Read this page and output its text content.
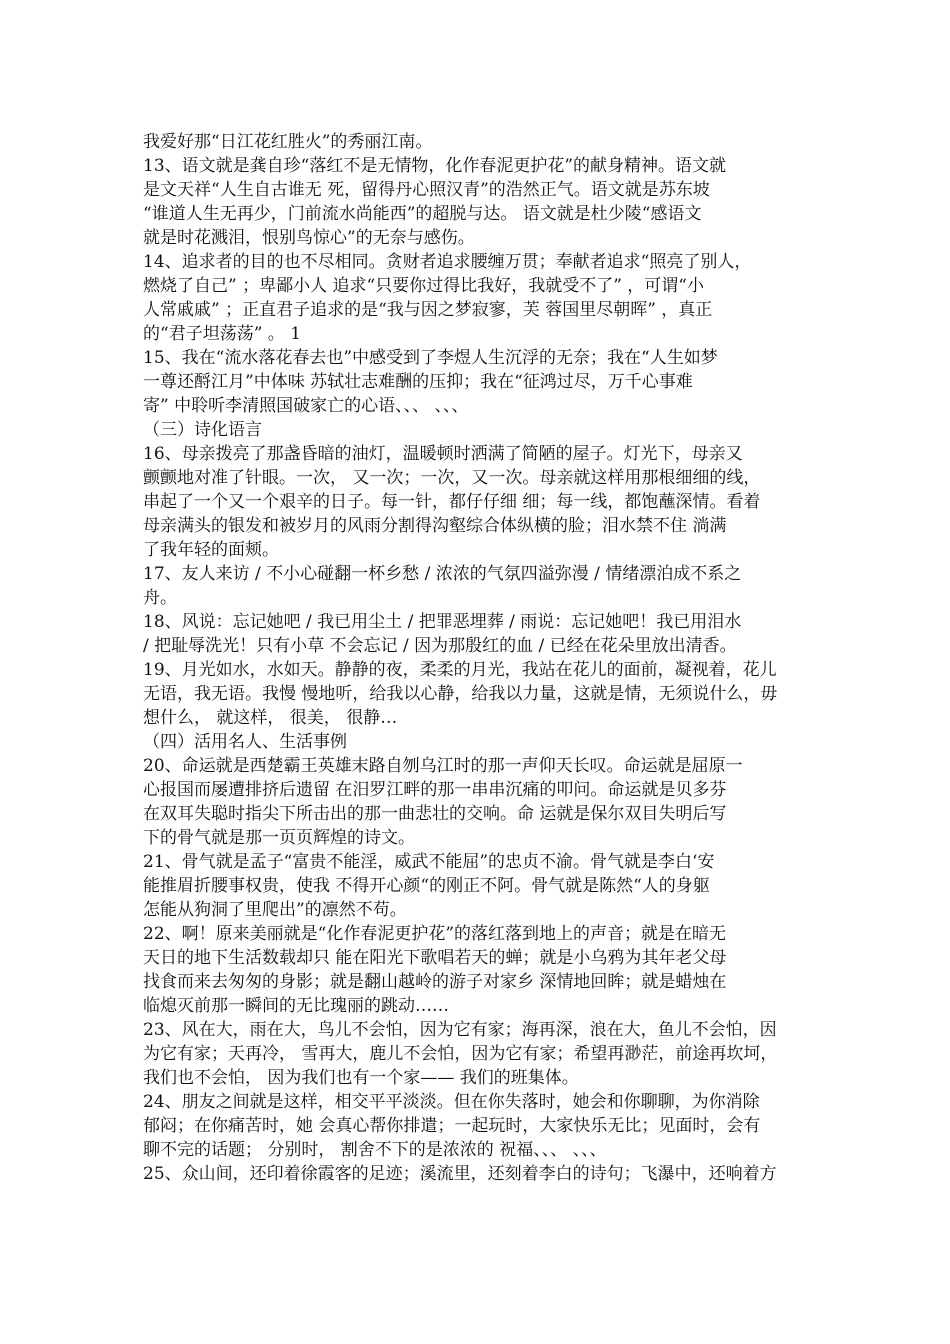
我爱好那“日江花红胜火”的秀丽江南。
13、语文就是龚自珍“落红不是无情物，化作春泥更护花”的献身精神。语文就
是文天祥“人生自古谁无 死，留得丹心照汉青”的浩然正气。语文就是苏东坡
“谁道人生无再少，门前流水尚能西”的超脱与达。 语文就是杜少陵“感语文
就是时花溅泪，恨别鸟惊心”的无奈与感伤。
14、追求者的目的也不尽相同。贪财者追求腰缠万贯；奉献者追求“照亮了别人，
燃烧了自己” ；卑鄙小人 追求“只要你过得比我好，我就受不了” ，可谓“小
人常戚戚” ；正直君子追求的是“我与因之梦寂寥，芙 蓉国里尽朝晖” ，真正
的“君子坦荡荡” 。 1
15、我在“流水落花春去也”中感受到了李煜人生沉浮的无奈；我在“人生如梦
一尊还酹江月”中体味 苏轼壮志难酬的压抑；我在“征鸿过尽，万千心事难
寄” 中聆听李清照国破家亡的心语、、、 、、、
（三）诗化语言
16、母亲拨亮了那盏昏暗的油灯，温暖顿时洒满了简陋的屋子。灯光下，母亲又
颤颤地对准了针眼。一次， 又一次；一次，又一次。母亲就这样用那根细细的线，
串起了一个又一个艰辛的日子。每一针，都仔仔细 细；每一线，都饱蘸深情。看着
母亲满头的银发和被岁月的风雨分割得沟壑综合体纵横的脸；泪水禁不住 淌满
了我年轻的面颊。
17、友人来访 / 不小心碰翻一杯乡愁 / 浓浓的气氛四溢弥漫 / 情绪漂泊成不系之
舟。
18、风说：忘记她吧 / 我已用尘土 / 把罪恶埋葬 / 雨说：忘记她吧！我已用泪水
/ 把耻辱洗光！只有小草 不会忘记 / 因为那殷红的血 / 已经在花朵里放出清香。
19、月光如水，水如天。静静的夜，柔柔的月光，我站在花儿的面前，凝视着，花儿
无语，我无语。我慢 慢地听，给我以心静，给我以力量，这就是情，无须说什么，毋
想什么， 就这样， 很美， 很静…
（四）活用名人、生活事例
20、命运就是西楚霸王英雄末路自刎乌江时的那一声仰天长叹。命运就是屈原一
心报国而屡遭排挤后遗留 在汨罗江畔的那一串串沉痛的叩问。命运就是贝多芬
在双耳失聪时指尖下所击出的那一曲悲壮的交响。命 运就是保尔双目失明后写
下的骨气就是那一页页辉煌的诗文。
21、骨气就是孟子“富贵不能淫，威武不能屈”的忠贞不渝。骨气就是李白‘安
能推眉折腰事权贵，使我 不得开心颜“的刚正不阿。骨气就是陈然“人的身躯
怎能从狗洞了里爬出”的凛然不苟。
22、啊！原来美丽就是“化作春泥更护花”的落红落到地上的声音；就是在暗无
天日的地下生活数载却只 能在阳光下歌唱若天的蝉；就是小乌鸦为其年老父母
找食而来去匆匆的身影；就是翻山越岭的游子对家乡 深情地回眸；就是蜡烛在
临熄灭前那一瞬间的无比瑰丽的跳动……
23、风在大，雨在大，鸟儿不会怕，因为它有家；海再深，浪在大，鱼儿不会怕，因
为它有家；天再冷， 雪再大，鹿儿不会怕，因为它有家；希望再渺茫，前途再坎坷，
我们也不会怕， 因为我们也有一个家—— 我们的班集体。
24、朋友之间就是这样，相交平平淡淡。但在你失落时，她会和你聊聊，为你消除
郁闷；在你痛苦时，她 会真心帮你排遣；一起玩时，大家快乐无比；见面时，会有
聊不完的话题； 分别时， 割舍不下的是浓浓的 祝福、、、 、、、
25、众山间，还印着徐霞客的足迹；溪流里，还刻着李白的诗句；飞瀑中，还响着方
